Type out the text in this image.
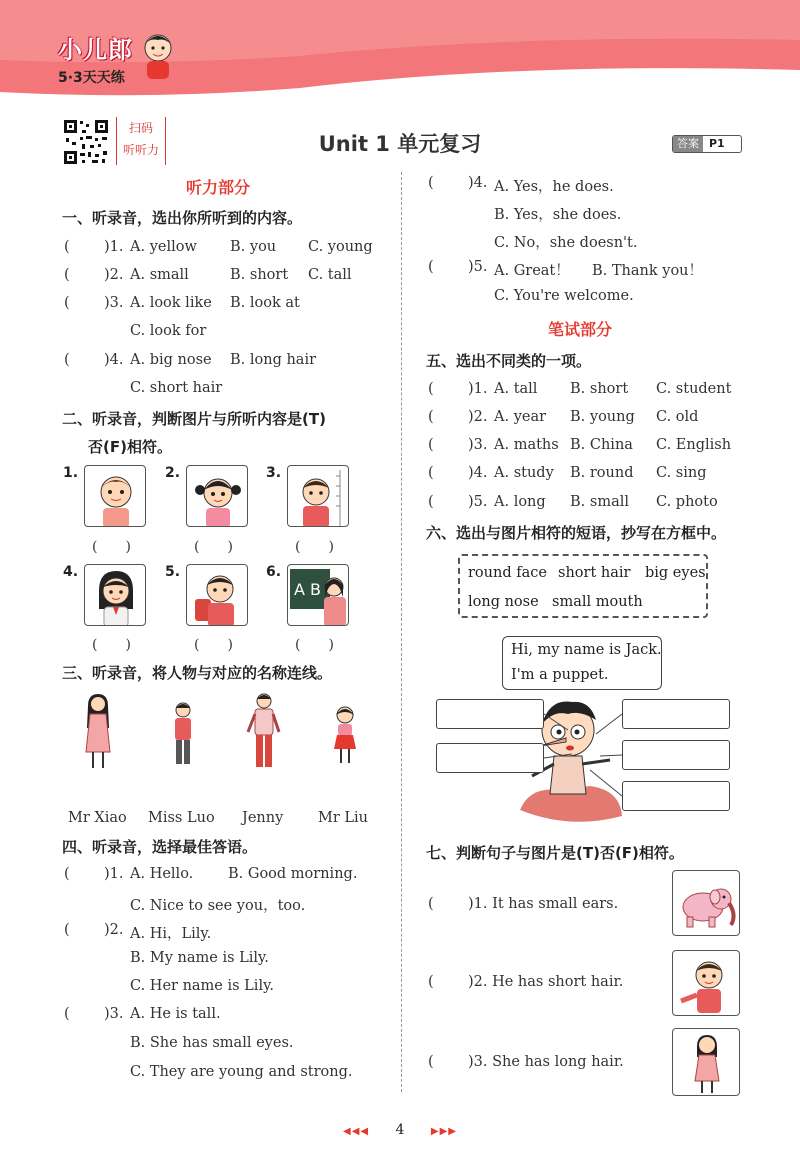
小儿郎
5·3天天练
扫码
听听力	Unit 1 单元复习	答案 P1
听力部分
一、听录音，选出你所听到的内容。
( )1. A. yellow B. you C. young
( )2. A. small	B. short C. tall
( )3. A. look like B. look at
C. look for
( )4. A. big nose B. long hair
C. short hair
二、听录音，判断图片与所听内容是(T)
否(F)相符。
1.
(　　)
2.
(　　)
3.
(　　)
4.
(　　)
5.
(　　)
6.
A B
(　　)
三、听录音，将人物与对应的名称连线。
Mr Xiao Miss Luo Jenny Mr Liu
四、听录音，选择最佳答语。
( )1. A. Hello. B. Good morning.
C. Nice to see you，too.
( )2. A. Hi，Lily.
B. My name is Lily.
C. Her name is Lily.
( )3. A. He is tall.
B. She has small eyes.
C. They are young and strong.
( )4. A. Yes，he does.
B. Yes，she does.
C. No，she doesn't.
( )5. A. Great！ B. Thank you！
C. You're welcome.
笔试部分
五、选出不同类的一项。
( )1. A. tall B. short C. student
( )2. A. year B. young C. old
( )3. A. maths B. China C. English
( )4. A. study B. round C. sing
( )5. A. long B. small C. photo
六、选出与图片相符的短语，抄写在方框中。
round face short hair big eyes
long nose small mouth
Hi, my name is Jack.
I'm a puppet.
七、判断句子与图片是(T)否(F)相符。
( )1. It has small ears.
( )2. He has short hair.
( )3. She has long hair.
◀◀◀ 4	▶▶▶
